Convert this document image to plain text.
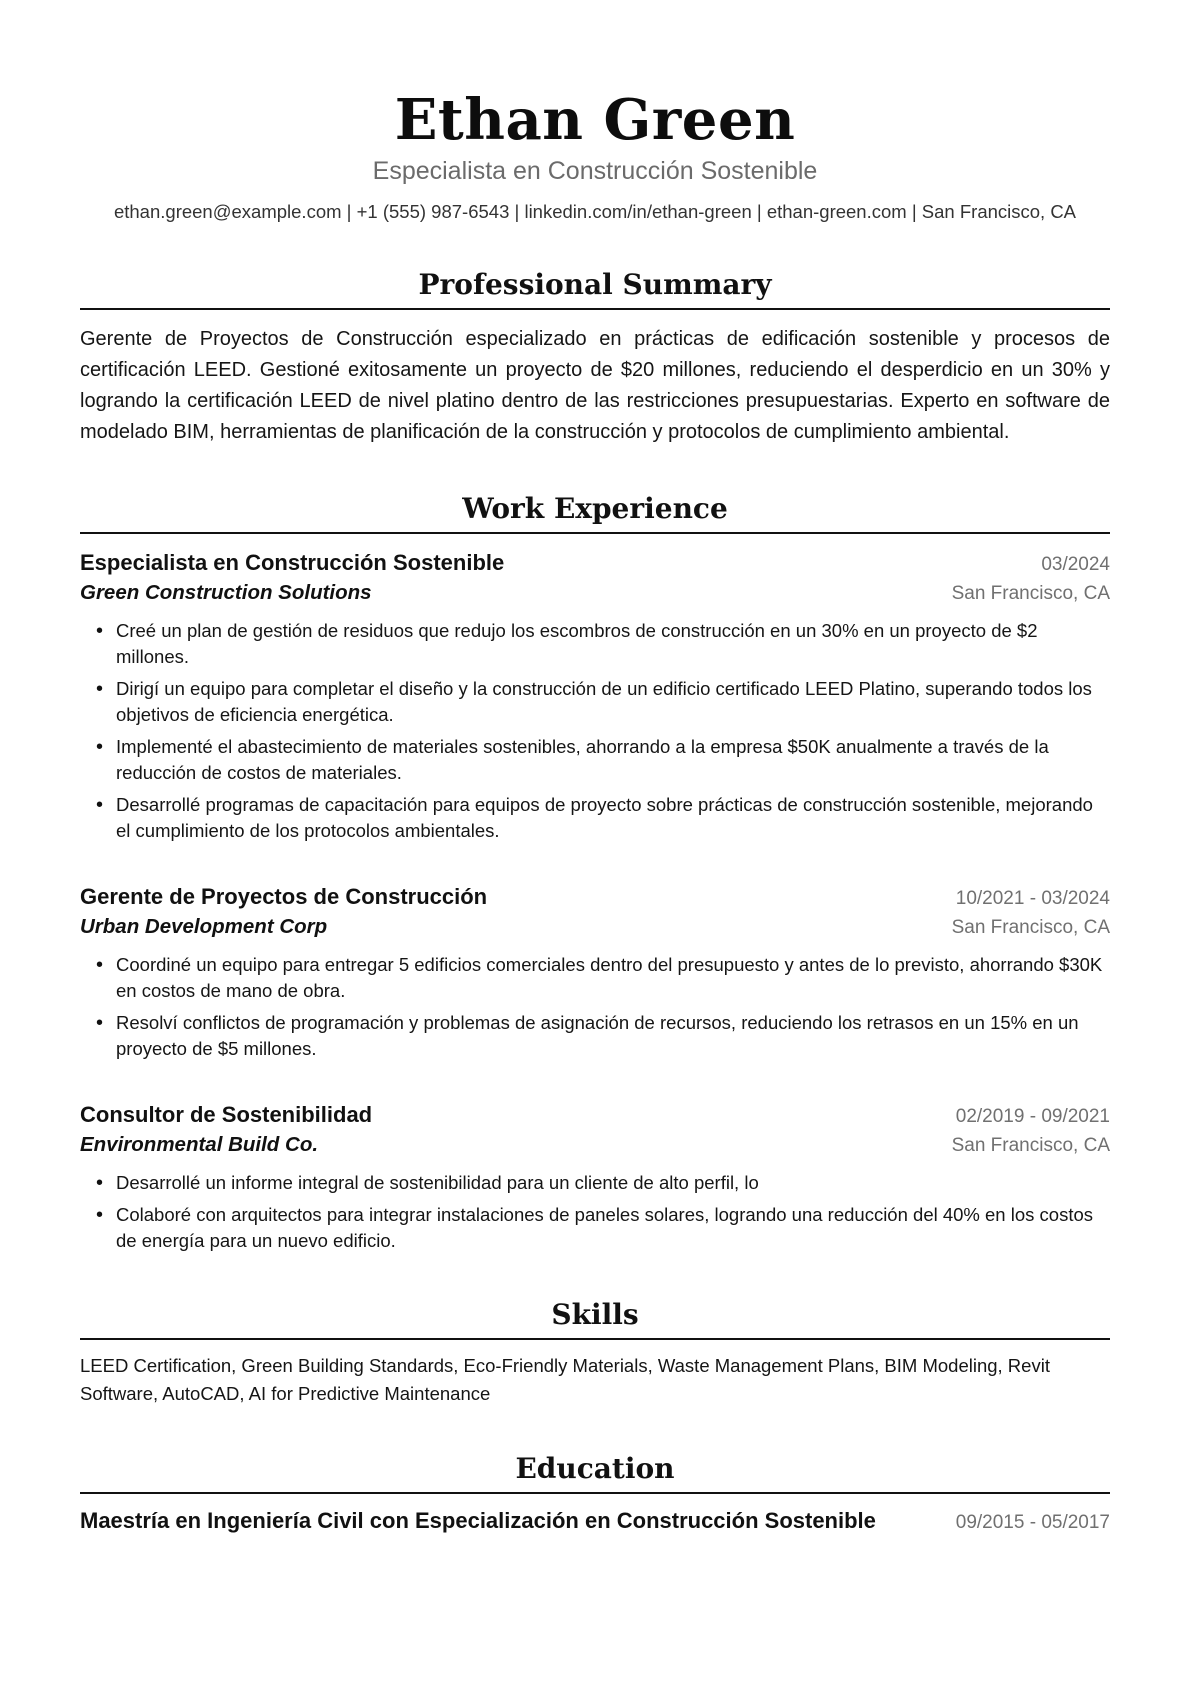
Ethan Green
Especialista en Construcción Sostenible
ethan.green@example.com | +1 (555) 987-6543 | linkedin.com/in/ethan-green | ethan-green.com | San Francisco, CA
Professional Summary
Gerente de Proyectos de Construcción especializado en prácticas de edificación sostenible y procesos de certificación LEED. Gestioné exitosamente un proyecto de $20 millones, reduciendo el desperdicio en un 30% y logrando la certificación LEED de nivel platino dentro de las restricciones presupuestarias. Experto en software de modelado BIM, herramientas de planificación de la construcción y protocolos de cumplimiento ambiental.
Work Experience
Especialista en Construcción Sostenible	03/2024
Green Construction Solutions	San Francisco, CA
• Creé un plan de gestión de residuos que redujo los escombros de construcción en un 30% en un proyecto de $2 millones.
• Dirigí un equipo para completar el diseño y la construcción de un edificio certificado LEED Platino, superando todos los objetivos de eficiencia energética.
• Implementé el abastecimiento de materiales sostenibles, ahorrando a la empresa $50K anualmente a través de la reducción de costos de materiales.
• Desarrollé programas de capacitación para equipos de proyecto sobre prácticas de construcción sostenible, mejorando el cumplimiento de los protocolos ambientales.
Gerente de Proyectos de Construcción	10/2021 - 03/2024
Urban Development Corp	San Francisco, CA
• Coordiné un equipo para entregar 5 edificios comerciales dentro del presupuesto y antes de lo previsto, ahorrando $30K en costos de mano de obra.
• Resolví conflictos de programación y problemas de asignación de recursos, reduciendo los retrasos en un 15% en un proyecto de $5 millones.
Consultor de Sostenibilidad	02/2019 - 09/2021
Environmental Build Co.	San Francisco, CA
• Desarrollé un informe integral de sostenibilidad para un cliente de alto perfil, lo
• Colaboré con arquitectos para integrar instalaciones de paneles solares, logrando una reducción del 40% en los costos de energía para un nuevo edificio.
Skills
LEED Certification, Green Building Standards, Eco-Friendly Materials, Waste Management Plans, BIM Modeling, Revit Software, AutoCAD, AI for Predictive Maintenance
Education
Maestría en Ingeniería Civil con Especialización en Construcción Sostenible	09/2015 - 05/2017
